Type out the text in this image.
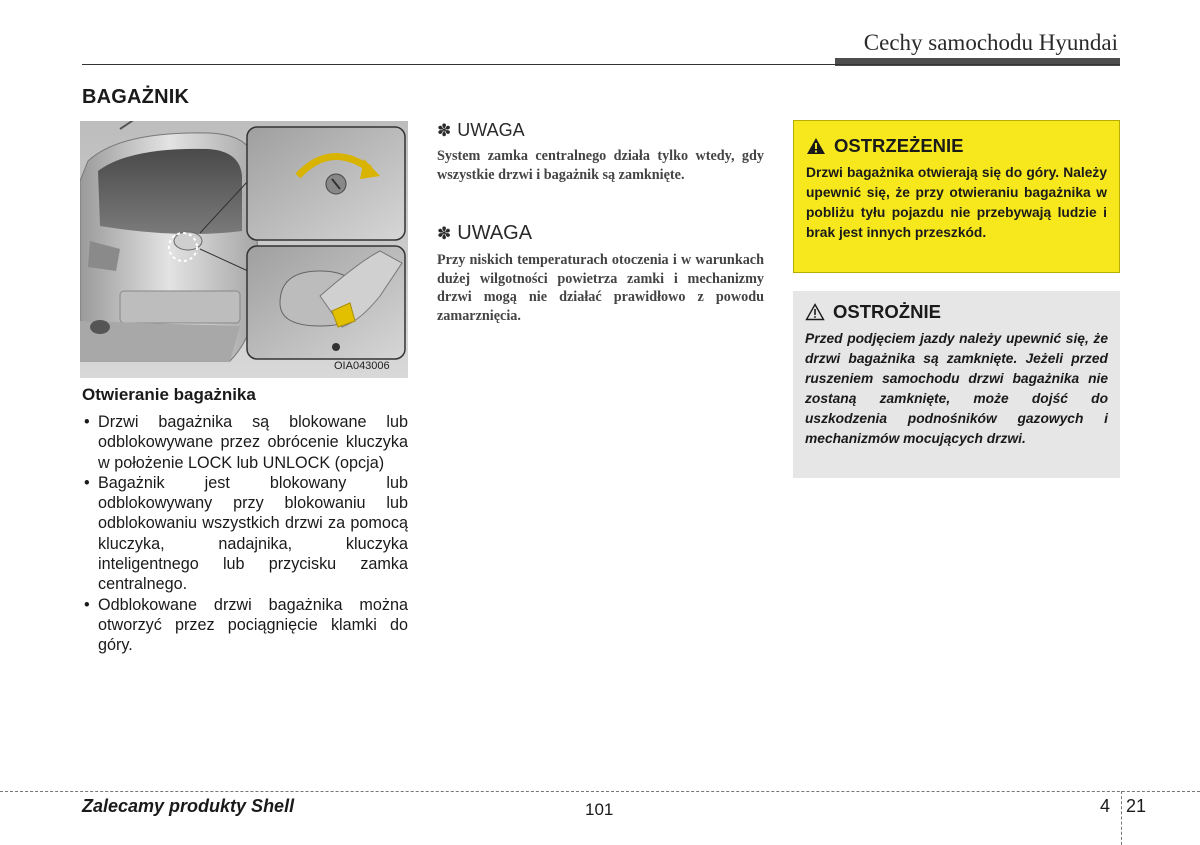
Cechy samochodu Hyundai
BAGAŻNIK
OIA043006
Otwieranie bagażnika
• Drzwi bagażnika są blokowane lub odblokowywane przez obrócenie kluczyka w położenie LOCK lub UNLOCK (opcja)
• Bagażnik jest blokowany lub odblokowywany przy blokowaniu lub odblokowaniu wszystkich drzwi za pomocą kluczyka, nadajnika, kluczyka inteligentnego lub przycisku zamka centralnego.
• Odblokowane drzwi bagażnika można otworzyć przez pociągnięcie klamki do góry.
✽ UWAGA
System zamka centralnego działa tylko wtedy, gdy wszystkie drzwi i bagażnik są zamknięte.
✽ UWAGA
Przy niskich temperaturach otoczenia i w warunkach dużej wilgotności powietrza zamki i mechanizmy drzwi mogą nie działać prawidłowo z powodu zamarznięcia.
OSTRZEŻENIE
Drzwi bagażnika otwierają się do góry. Należy upewnić się, że przy otwieraniu bagażnika w pobliżu tyłu pojazdu nie przebywają ludzie i brak jest innych przeszkód.
OSTROŻNIE
Przed podjęciem jazdy należy upewnić się, że drzwi bagażnika są zamknięte. Jeżeli przed ruszeniem samochodu drzwi bagażnika nie zostaną zamknięte, może dojść do uszkodzenia podnośników gazowych i mechanizmów mocujących drzwi.
Zalecamy produkty Shell	101	4 21
